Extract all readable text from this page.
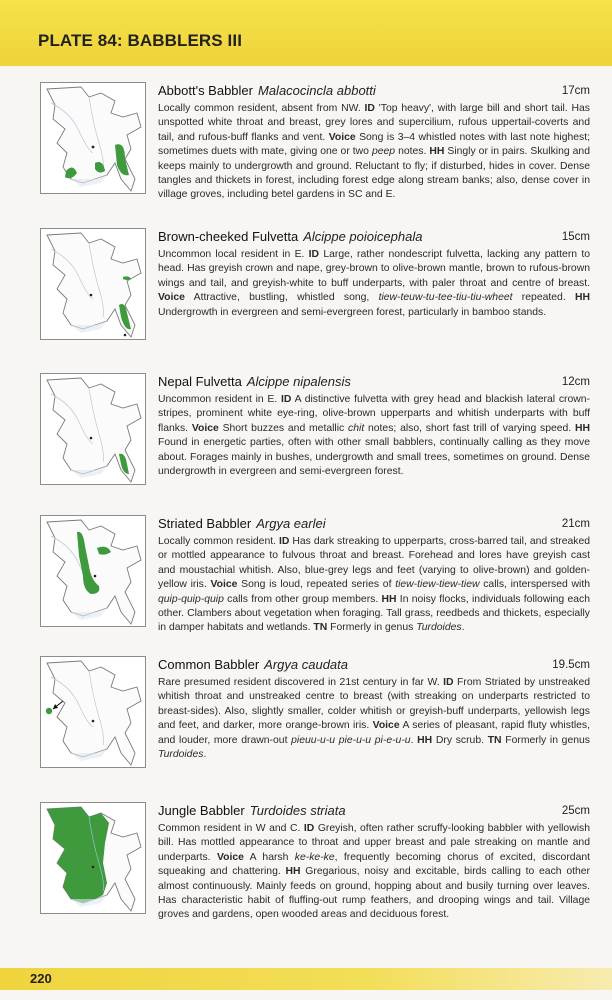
PLATE 84: BABBLERS III
Abbott's Babbler Malacocincla abbotti	17cm

Locally common resident, absent from NW. ID 'Top heavy', with large bill and short tail. Has unspotted white throat and breast, grey lores and supercilium, rufous uppertail-coverts and tail, and rufous-buff flanks and vent. Voice Song is 3–4 whistled notes with last note highest; sometimes duets with mate, giving one or two peep notes. HH Singly or in pairs. Skulking and keeps mainly to undergrowth and ground. Reluctant to fly; if disturbed, hides in cover. Dense tangles and thickets in forest, including forest edge along stream banks; also, dense cover in village groves, including betel gardens in SC and E.

Brown-cheeked Fulvetta Alcippe poioicephala	15cm

Uncommon local resident in E. ID Large, rather nondescript fulvetta, lacking any pattern to head. Has greyish crown and nape, grey-brown to olive-brown mantle, brown to rufous-brown wings and tail, and greyish-white to buff underparts, with paler throat and centre of breast. Voice Attractive, bustling, whistled song, tiew-teuw-tu-tee-tiu-tiu-wheet repeated. HH Undergrowth in evergreen and semi-evergreen forest, particularly in bamboo stands.

Nepal Fulvetta Alcippe nipalensis	12cm

Uncommon resident in E. ID A distinctive fulvetta with grey head and blackish lateral crown-stripes, prominent white eye-ring, olive-brown upperparts and whitish underparts with buff flanks. Voice Short buzzes and metallic chit notes; also, short fast trill of varying speed. HH Found in energetic parties, often with other small babblers, continually calling as they move about. Forages mainly in bushes, undergrowth and small trees, sometimes on ground. Dense undergrowth in evergreen and semi-evergreen forest.

Striated Babbler Argya earlei	21cm

Locally common resident. ID Has dark streaking to upperparts, cross-barred tail, and streaked or mottled appearance to fulvous throat and breast. Forehead and lores have greyish cast and moustachial whitish. Also, blue-grey legs and feet (varying to olive-brown) and golden-yellow iris. Voice Song is loud, repeated series of tiew-tiew-tiew-tiew calls, interspersed with quip-quip-quip calls from other group members. HH In noisy flocks, individuals following each other. Clambers about vegetation when foraging. Tall grass, reedbeds and thickets, especially in damper habitats and wetlands. TN Formerly in genus Turdoides.

Common Babbler Argya caudata	19.5cm

Rare presumed resident discovered in 21st century in far W. ID From Striated by unstreaked whitish throat and unstreaked centre to breast (with streaking on underparts restricted to breast-sides). Also, slightly smaller, colder whitish or greyish-buff underparts, yellowish legs and feet, and darker, more orange-brown iris. Voice A series of pleasant, rapid fluty whistles, and louder, more drawn-out pieuu-u-u pie-u-u pi-e-u-u. HH Dry scrub. TN Formerly in genus Turdoides.

Jungle Babbler Turdoides striata	25cm

Common resident in W and C. ID Greyish, often rather scruffy-looking babbler with yellowish bill. Has mottled appearance to throat and upper breast and pale streaking on mantle and underparts. Voice A harsh ke-ke-ke, frequently becoming chorus of excited, discordant squeaking and chattering. HH Gregarious, noisy and excitable, birds calling to each other almost continuously. Mainly feeds on ground, hopping about and busily turning over leaves. Has characteristic habit of fluffing-out rump feathers, and drooping wings and tail. Village groves and gardens, open wooded areas and deciduous forest.

220
